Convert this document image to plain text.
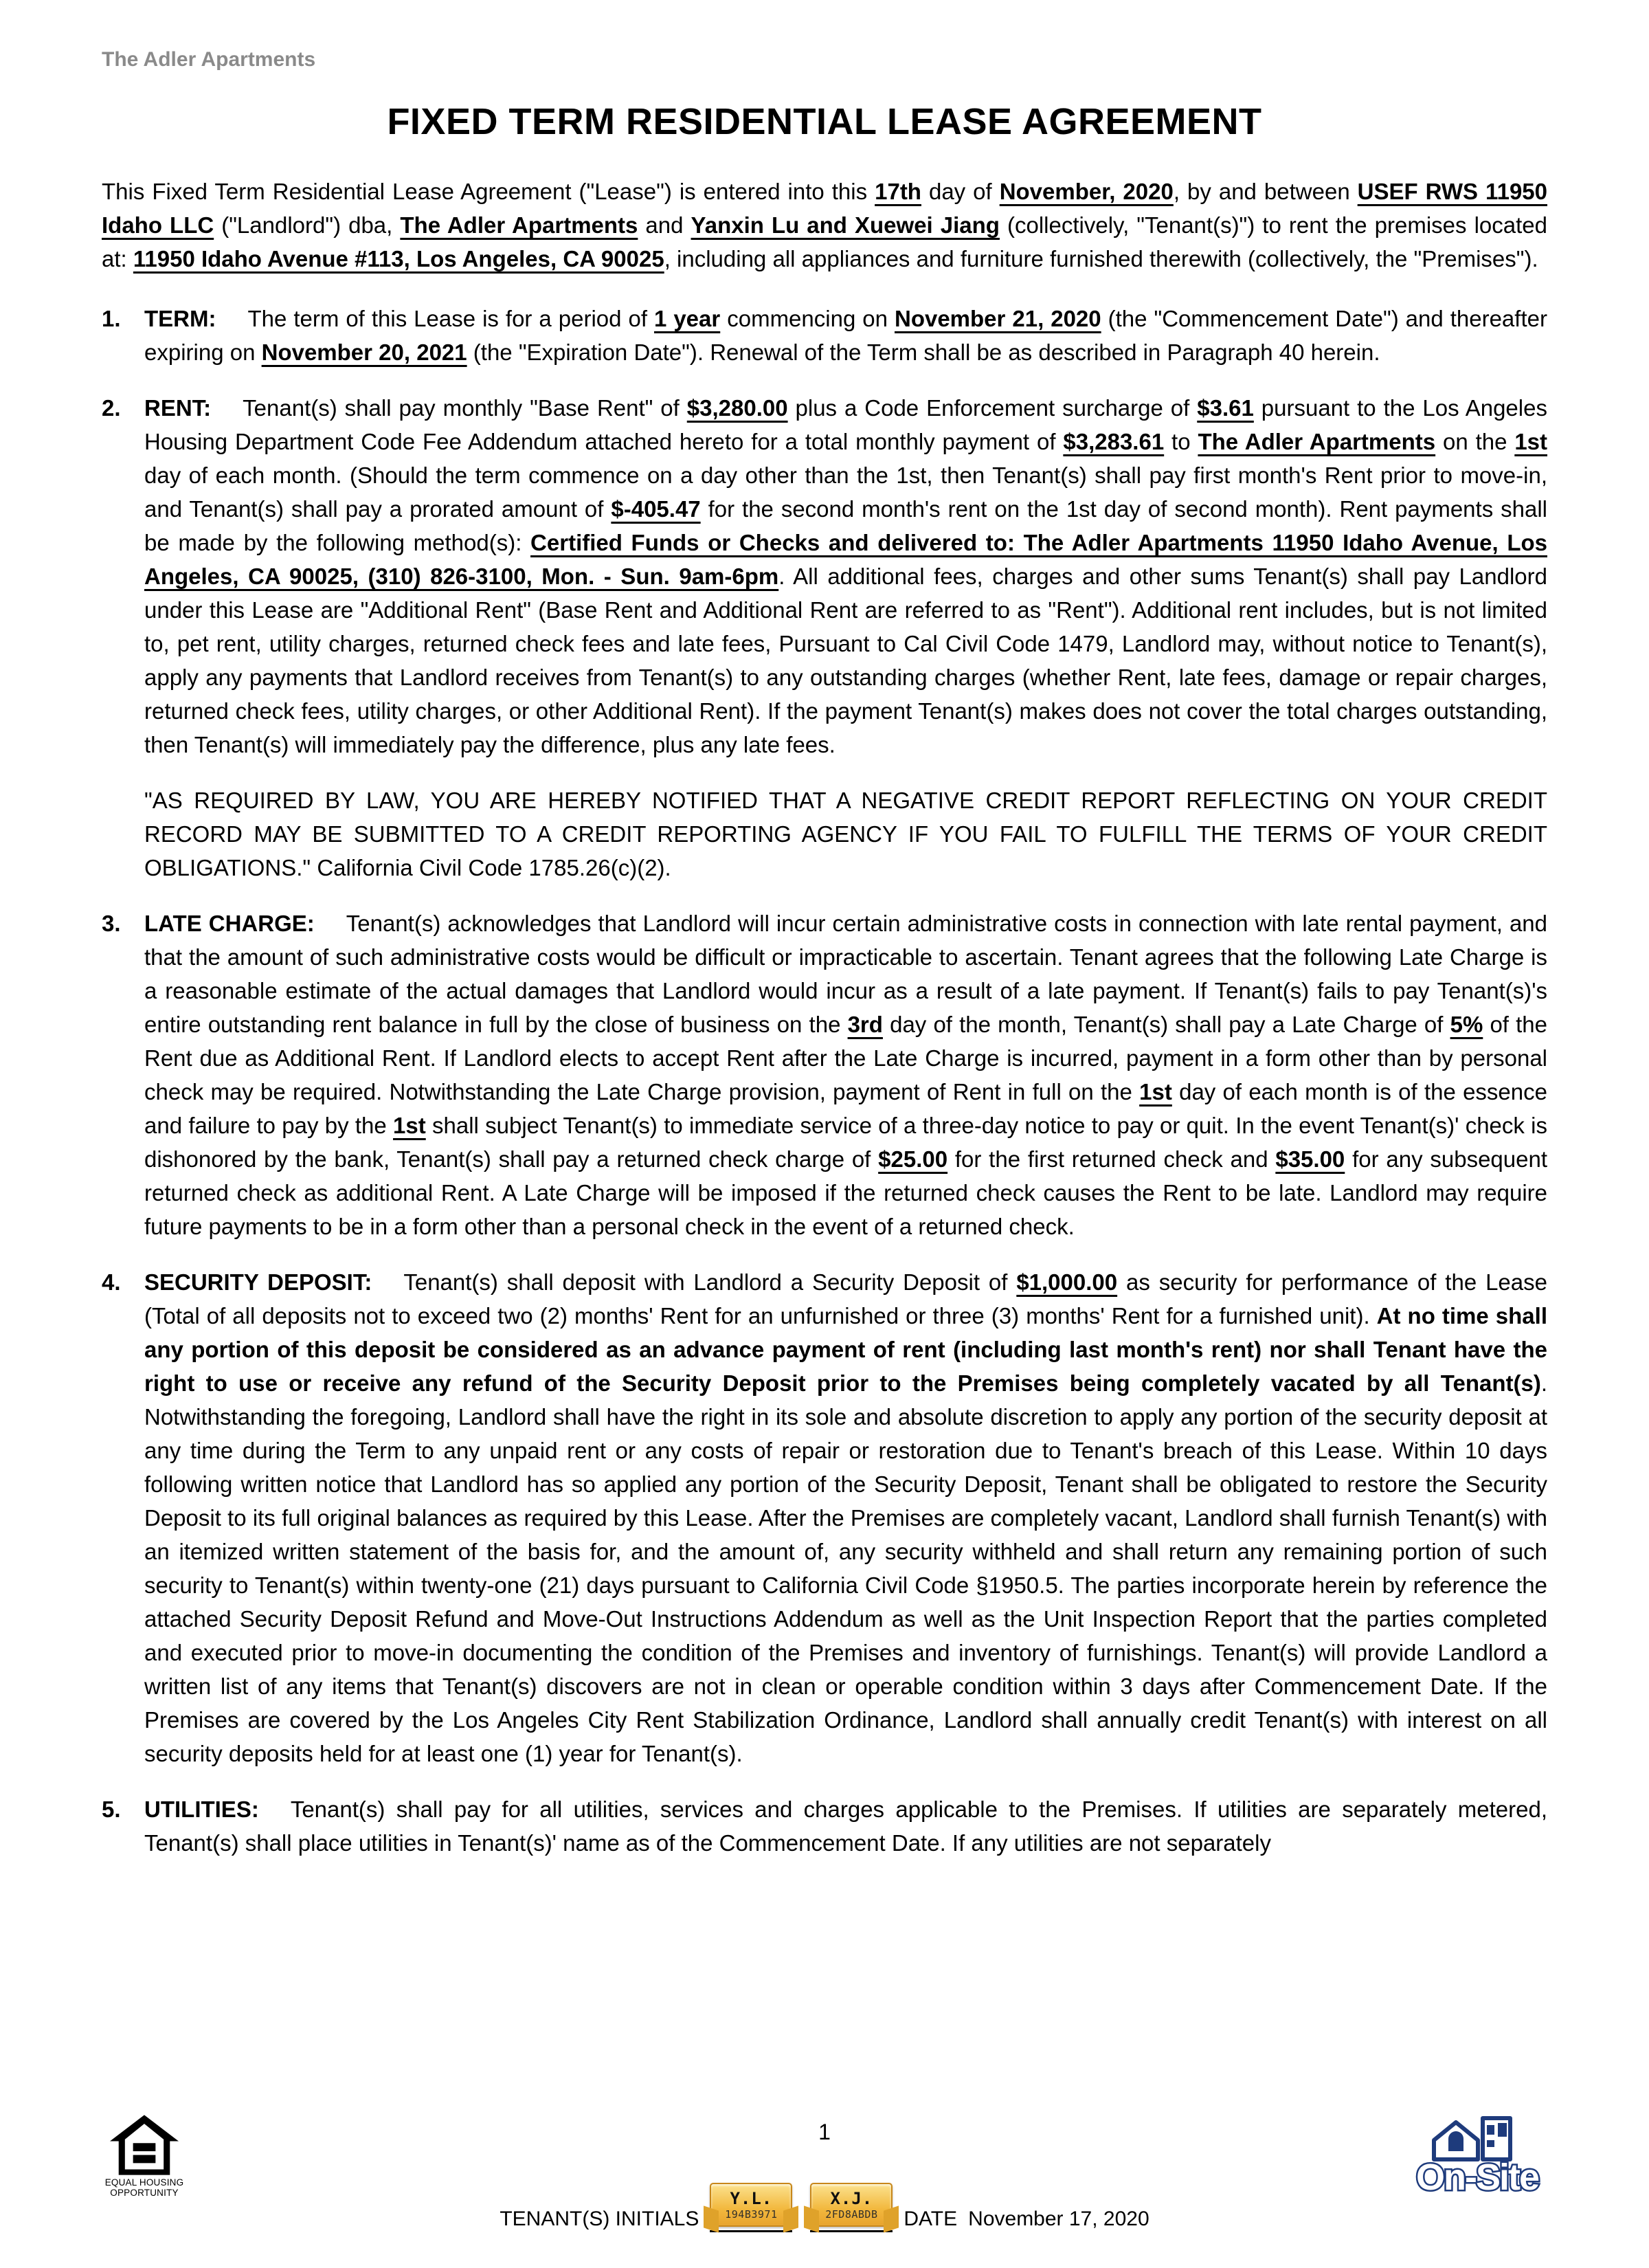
The Adler Apartments
FIXED TERM RESIDENTIAL LEASE AGREEMENT

This Fixed Term Residential Lease Agreement ("Lease") is entered into this 17th day of November, 2020, by and between USEF RWS 11950 Idaho LLC ("Landlord") dba, The Adler Apartments and Yanxin Lu and Xuewei Jiang (collectively, "Tenant(s)") to rent the premises located at: 11950 Idaho Avenue #113, Los Angeles, CA 90025, including all appliances and furniture furnished therewith (collectively, the "Premises").

1.	TERM: The term of this Lease is for a period of 1 year commencing on November 21, 2020 (the "Commencement Date") and thereafter expiring on November 20, 2021 (the "Expiration Date"). Renewal of the Term shall be as described in Paragraph 40 herein.

2.	RENT: Tenant(s) shall pay monthly "Base Rent" of $3,280.00 plus a Code Enforcement surcharge of $3.61 pursuant to the Los Angeles Housing Department Code Fee Addendum attached hereto for a total monthly payment of $3,283.61 to The Adler Apartments on the 1st day of each month. (Should the term commence on a day other than the 1st, then Tenant(s) shall pay first month's Rent prior to move-in, and Tenant(s) shall pay a prorated amount of $-405.47 for the second month's rent on the 1st day of second month). Rent payments shall be made by the following method(s): Certified Funds or Checks and delivered to: The Adler Apartments 11950 Idaho Avenue, Los Angeles, CA 90025, (310) 826-3100, Mon. - Sun. 9am-6pm. All additional fees, charges and other sums Tenant(s) shall pay Landlord under this Lease are "Additional Rent" (Base Rent and Additional Rent are referred to as "Rent"). Additional rent includes, but is not limited to, pet rent, utility charges, returned check fees and late fees, Pursuant to Cal Civil Code 1479, Landlord may, without notice to Tenant(s), apply any payments that Landlord receives from Tenant(s) to any outstanding charges (whether Rent, late fees, damage or repair charges, returned check fees, utility charges, or other Additional Rent). If the payment Tenant(s) makes does not cover the total charges outstanding, then Tenant(s) will immediately pay the difference, plus any late fees.

"AS REQUIRED BY LAW, YOU ARE HEREBY NOTIFIED THAT A NEGATIVE CREDIT REPORT REFLECTING ON YOUR CREDIT RECORD MAY BE SUBMITTED TO A CREDIT REPORTING AGENCY IF YOU FAIL TO FULFILL THE TERMS OF YOUR CREDIT OBLIGATIONS." California Civil Code 1785.26(c)(2).

3.	LATE CHARGE: Tenant(s) acknowledges that Landlord will incur certain administrative costs in connection with late rental payment, and that the amount of such administrative costs would be difficult or impracticable to ascertain. Tenant agrees that the following Late Charge is a reasonable estimate of the actual damages that Landlord would incur as a result of a late payment. If Tenant(s) fails to pay Tenant(s)'s entire outstanding rent balance in full by the close of business on the 3rd day of the month, Tenant(s) shall pay a Late Charge of 5% of the Rent due as Additional Rent. If Landlord elects to accept Rent after the Late Charge is incurred, payment in a form other than by personal check may be required. Notwithstanding the Late Charge provision, payment of Rent in full on the 1st day of each month is of the essence and failure to pay by the 1st shall subject Tenant(s) to immediate service of a three-day notice to pay or quit. In the event Tenant(s)' check is dishonored by the bank, Tenant(s) shall pay a returned check charge of $25.00 for the first returned check and $35.00 for any subsequent returned check as additional Rent. A Late Charge will be imposed if the returned check causes the Rent to be late. Landlord may require future payments to be in a form other than a personal check in the event of a returned check.

4.	SECURITY DEPOSIT: Tenant(s) shall deposit with Landlord a Security Deposit of $1,000.00 as security for performance of the Lease (Total of all deposits not to exceed two (2) months' Rent for an unfurnished or three (3) months' Rent for a furnished unit). At no time shall any portion of this deposit be considered as an advance payment of rent (including last month's rent) nor shall Tenant have the right to use or receive any refund of the Security Deposit prior to the Premises being completely vacated by all Tenant(s). Notwithstanding the foregoing, Landlord shall have the right in its sole and absolute discretion to apply any portion of the security deposit at any time during the Term to any unpaid rent or any costs of repair or restoration due to Tenant's breach of this Lease. Within 10 days following written notice that Landlord has so applied any portion of the Security Deposit, Tenant shall be obligated to restore the Security Deposit to its full original balances as required by this Lease. After the Premises are completely vacant, Landlord shall furnish Tenant(s) with an itemized written statement of the basis for, and the amount of, any security withheld and shall return any remaining portion of such security to Tenant(s) within twenty-one (21) days pursuant to California Civil Code §1950.5. The parties incorporate herein by reference the attached Security Deposit Refund and Move-Out Instructions Addendum as well as the Unit Inspection Report that the parties completed and executed prior to move-in documenting the condition of the Premises and inventory of furnishings. Tenant(s) will provide Landlord a written list of any items that Tenant(s) discovers are not in clean or operable condition within 3 days after Commencement Date. If the Premises are covered by the Los Angeles City Rent Stabilization Ordinance, Landlord shall annually credit Tenant(s) with interest on all security deposits held for at least one (1) year for Tenant(s).

5.	UTILITIES: Tenant(s) shall pay for all utilities, services and charges applicable to the Premises. If utilities are separately metered, Tenant(s) shall place utilities in Tenant(s)' name as of the Commencement Date. If any utilities are not separately

EQUAL HOUSING
OPPORTUNITY
1
TENANT(S) INITIALS
Y.L.
194B3971
X.J.
2FD8ABDB DATE November 17, 2020
On-Site
